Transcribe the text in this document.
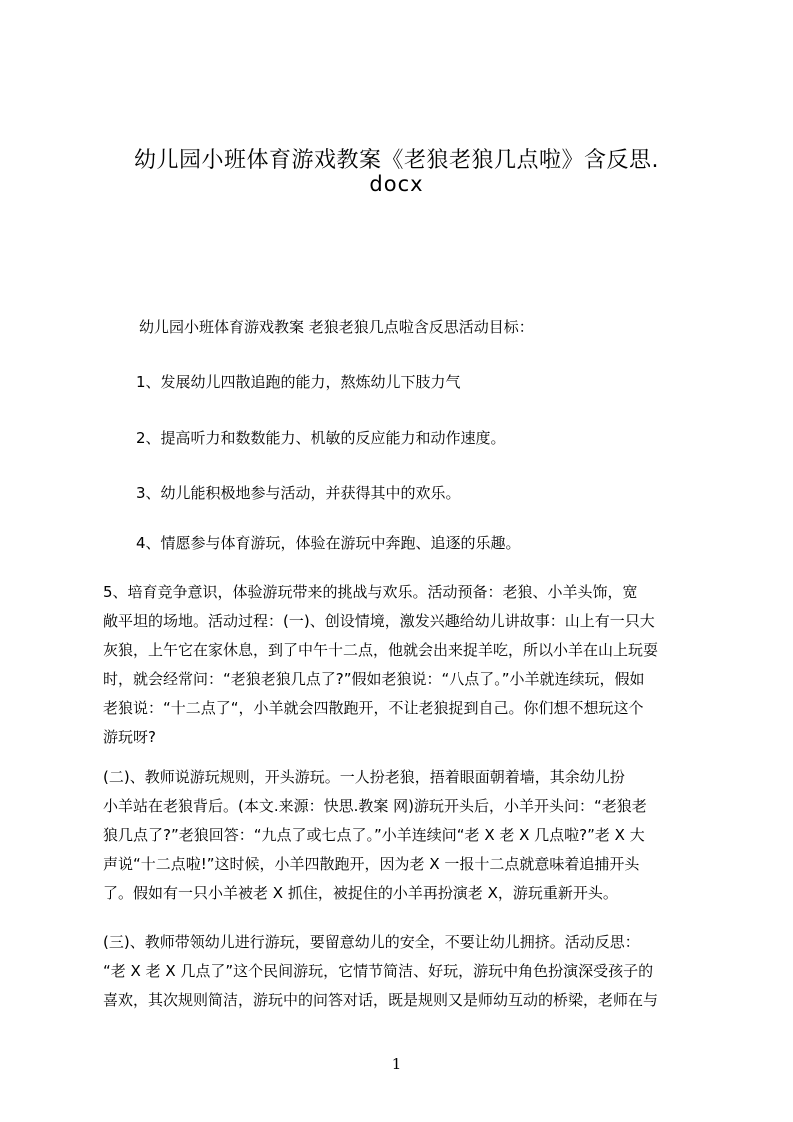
幼儿园小班体育游戏教案《老狼老狼几点啦》含反思.
docx

幼儿园小班体育游戏教案 老狼老狼几点啦含反思活动目标：

1、发展幼儿四散追跑的能力，熬炼幼儿下肢力气

2、提高听力和数数能力、机敏的反应能力和动作速度。

3、幼儿能积极地参与活动，并获得其中的欢乐。

4、情愿参与体育游玩，体验在游玩中奔跑、追逐的乐趣。

5、培育竞争意识，体验游玩带来的挑战与欢乐。活动预备：老狼、小羊头饰，宽
敞平坦的场地。活动过程：(一)、创设情境，激发兴趣给幼儿讲故事：山上有一只大
灰狼，上午它在家休息，到了中午十二点，他就会出来捉羊吃，所以小羊在山上玩耍
时，就会经常问：“老狼老狼几点了?”假如老狼说：“八点了。”小羊就连续玩，假如
老狼说：“十二点了“，小羊就会四散跑开，不让老狼捉到自己。你们想不想玩这个
游玩呀?
(二)、教师说游玩规则，开头游玩。一人扮老狼，捂着眼面朝着墙，其余幼儿扮
小羊站在老狼背后。(本文.来源：快思.教案 网)游玩开头后，小羊开头问：“老狼老
狼几点了?”老狼回答：“九点了或七点了。”小羊连续问“老 X 老 X 几点啦?”老 X 大
声说“十二点啦!”这时候，小羊四散跑开，因为老 X 一报十二点就意味着追捕开头
了。假如有一只小羊被老 X 抓住，被捉住的小羊再扮演老 X，游玩重新开头。
(三)、教师带领幼儿进行游玩，要留意幼儿的安全，不要让幼儿拥挤。活动反思：
“老 X 老 X 几点了”这个民间游玩，它情节简洁、好玩，游玩中角色扮演深受孩子的
喜欢，其次规则简洁，游玩中的问答对话，既是规则又是师幼互动的桥梁，老师在与
1
